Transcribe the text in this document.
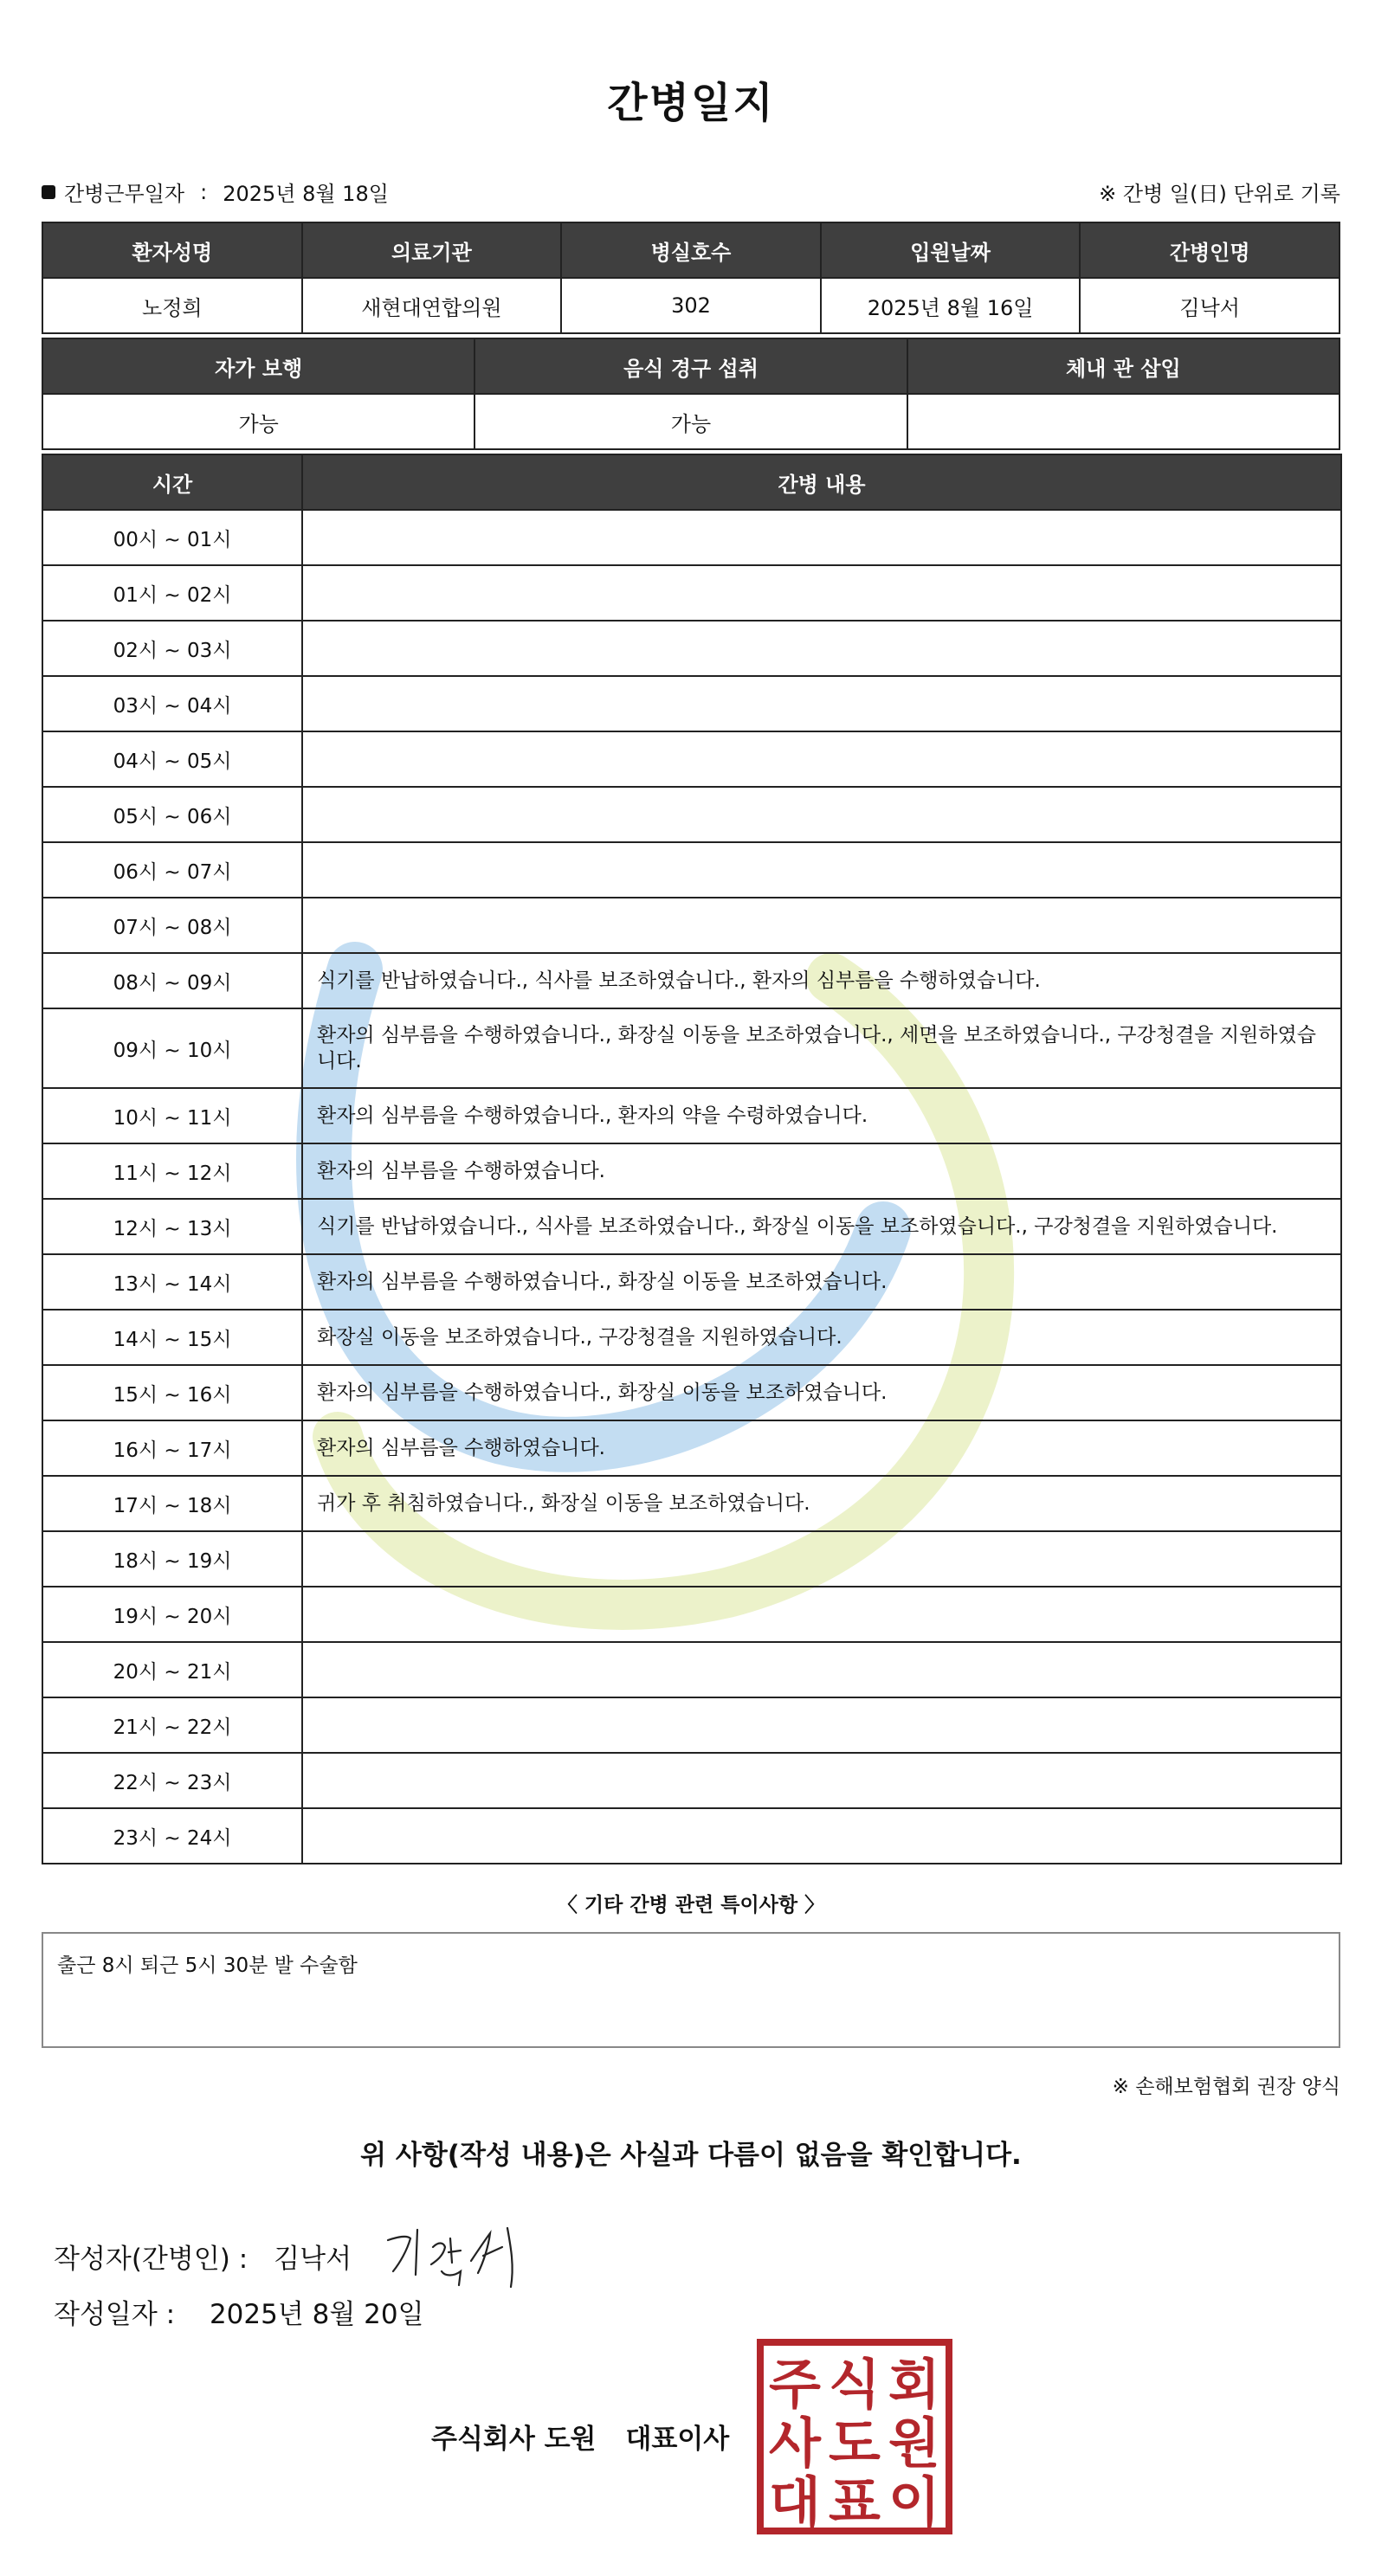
간병일지
간병근무일자 : 2025년 8월 18일	※ 간병 일(日) 단위로 기록
환자성명	의료기관	병실호수	입원날짜	간병인명
노정희	새현대연합의원	302	2025년 8월 16일	김낙서
자가 보행	음식 경구 섭취	체내 관 삽입
가능	가능	
시간	간병 내용
00시 ~ 01시	
01시 ~ 02시	
02시 ~ 03시	
03시 ~ 04시	
04시 ~ 05시	
05시 ~ 06시	
06시 ~ 07시	
07시 ~ 08시	
08시 ~ 09시	식기를 반납하였습니다., 식사를 보조하였습니다., 환자의 심부름을 수행하였습니다.
09시 ~ 10시	환자의 심부름을 수행하였습니다., 화장실 이동을 보조하였습니다., 세면을 보조하였습니다., 구강청결을 지원하였습니다.
10시 ~ 11시	환자의 심부름을 수행하였습니다., 환자의 약을 수령하였습니다.
11시 ~ 12시	환자의 심부름을 수행하였습니다.
12시 ~ 13시	식기를 반납하였습니다., 식사를 보조하였습니다., 화장실 이동을 보조하였습니다., 구강청결을 지원하였습니다.
13시 ~ 14시	환자의 심부름을 수행하였습니다., 화장실 이동을 보조하였습니다.
14시 ~ 15시	화장실 이동을 보조하였습니다., 구강청결을 지원하였습니다.
15시 ~ 16시	환자의 심부름을 수행하였습니다., 화장실 이동을 보조하였습니다.
16시 ~ 17시	환자의 심부름을 수행하였습니다.
17시 ~ 18시	귀가 후 취침하였습니다., 화장실 이동을 보조하였습니다.
18시 ~ 19시	
19시 ~ 20시	
20시 ~ 21시	
21시 ~ 22시	
22시 ~ 23시	
23시 ~ 24시	
〈 기타 간병 관련 특이사항 〉
출근 8시 퇴근 5시 30분 발 수술함
※ 손해보험협회 권장 양식
위 사항(작성 내용)은 사실과 다름이 없음을 확인합니다.
작성자(간병인) : 김낙서
작성일자 : 2025년 8월 20일
주식회사 도원 대표이사
주 식 회
사 도 원
대 표 이
